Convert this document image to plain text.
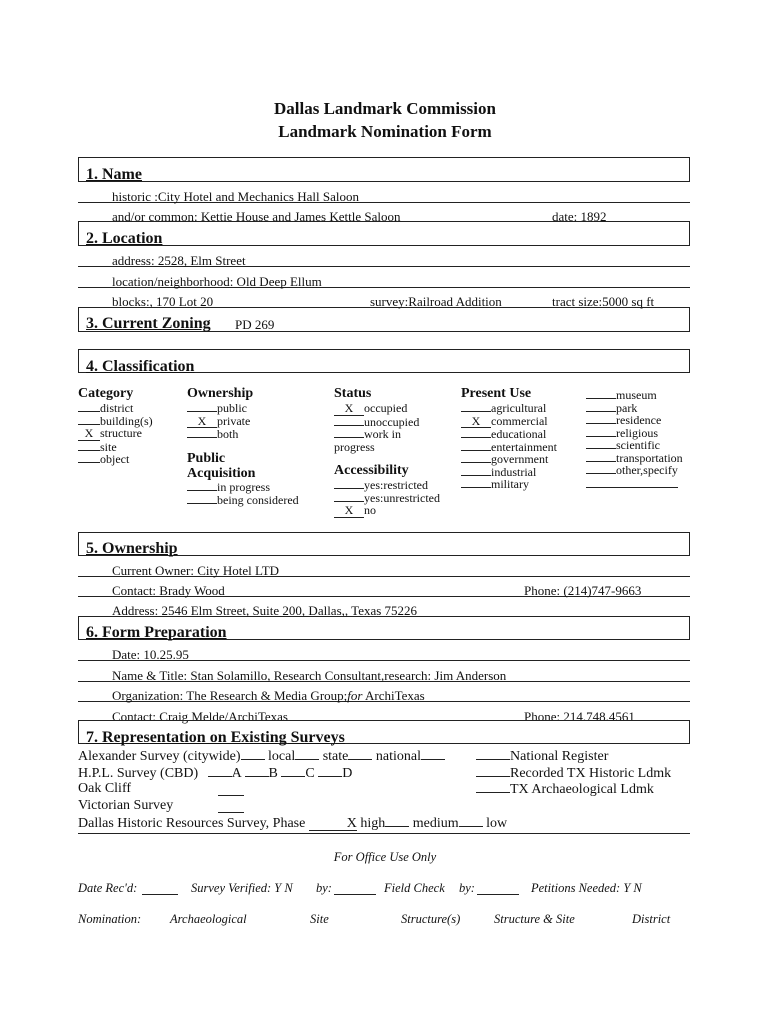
Dallas Landmark Commission
Landmark Nomination Form
1. Name
historic :City Hotel and Mechanics Hall Saloon
and/or common: Kettie House and James Kettle Saloon	date: 1892
2. Location
address: 2528, Elm Street
location/neighborhood: Old Deep Ellum
blocks:, 170 Lot 20	survey:Railroad Addition	tract size:5000 sq ft
3. Current Zoning PD 269
4. Classification
Category
district
building(s)
X structure
site
object
Ownership
public
X private
both
Public
Acquisition
in progress
being considered
Status
X occupied
unoccupied
work in
progress
Accessibility
yes:restricted
yes:unrestricted
X no
Present Use
agricultural
X commercial
educational
entertainment
government
industrial
military
museum
park
residence
religious
scientific
transportation
other,specify
5. Ownership
Current Owner: City Hotel LTD
Contact: Brady Wood	Phone: (214)747-9663
Address: 2546 Elm Street, Suite 200, Dallas,, Texas 75226
6. Form Preparation
Date: 10.25.95
Name & Title: Stan Solamillo, Research Consultant,research: Jim Anderson
Organization: The Research & Media Group;for ArchiTexas
Contact: Craig Melde/ArchiTexas	Phone: 214.748.4561
7. Representation on Existing Surveys
Alexander Survey (citywide) local state national	National Register
H.P.L. Survey (CBD) A B C D	Recorded TX Historic Ldmk
Oak Cliff	TX Archaeological Ldmk
Victorian Survey
Dallas Historic Resources Survey, Phase	X high medium low
For Office Use Only
Date Rec'd:	Survey Verified: Y N by:	Field Check by:	Petitions Needed: Y N
Nomination: Archaeological	Site	Structure(s)	Structure & Site	District
